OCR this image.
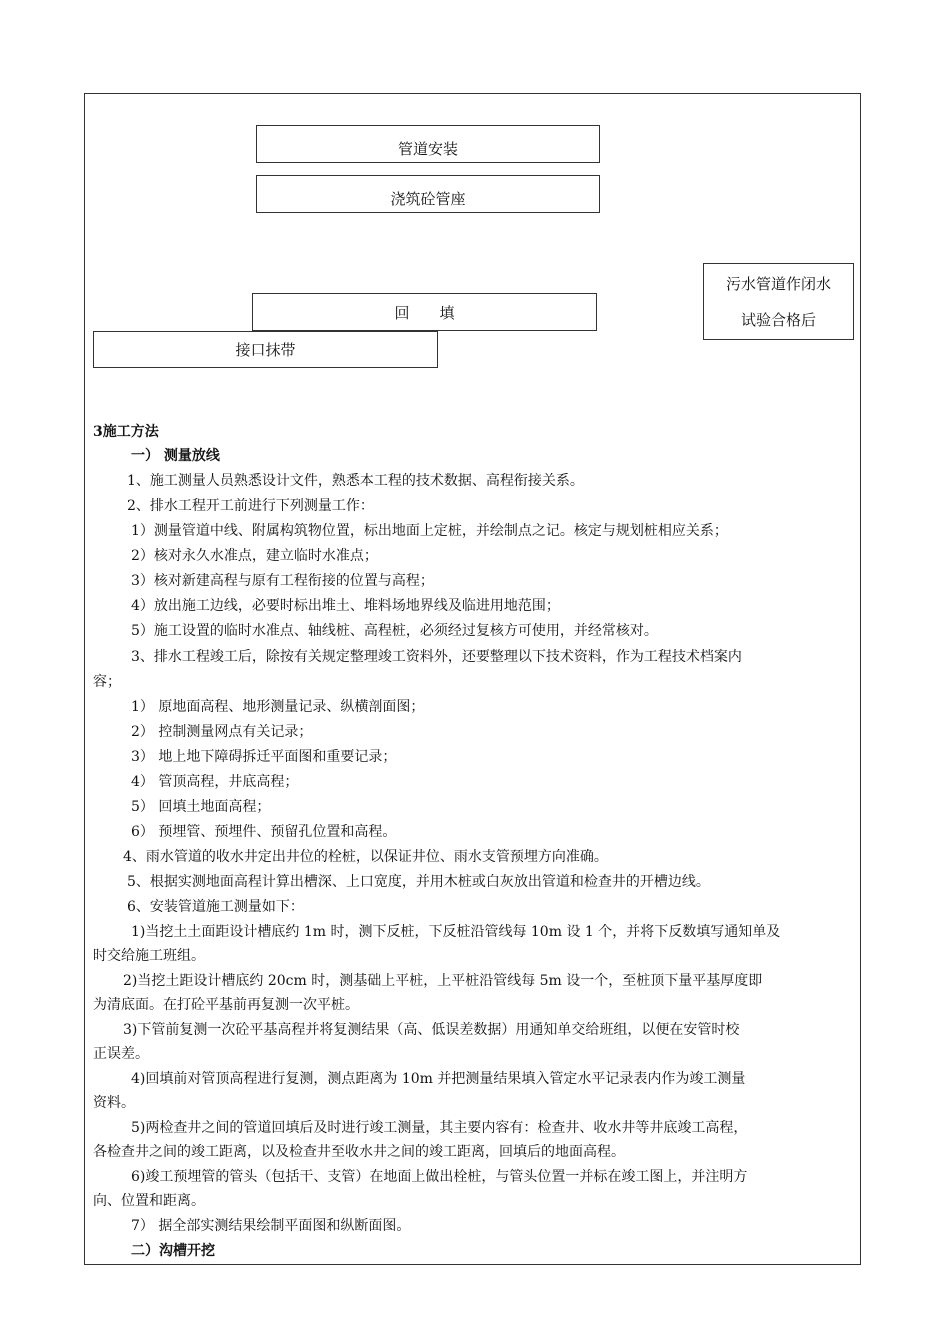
管道安装
浇筑砼管座
回　　填
接口抹带
污水管道作闭水
试验合格后
3施工方法
一） 测量放线
1、施工测量人员熟悉设计文件，熟悉本工程的技术数据、高程衔接关系。
2、排水工程开工前进行下列测量工作：
1）测量管道中线、附属构筑物位置，标出地面上定桩，并绘制点之记。核定与规划桩相应关系；
2）核对永久水准点，建立临时水准点；
3）核对新建高程与原有工程衔接的位置与高程；
4）放出施工边线，必要时标出堆土、堆料场地界线及临进用地范围；
5）施工设置的临时水准点、轴线桩、高程桩，必须经过复核方可使用，并经常核对。
3、排水工程竣工后，除按有关规定整理竣工资料外，还要整理以下技术资料，作为工程技术档案内
容；
1） 原地面高程、地形测量记录、纵横剖面图；
2） 控制测量网点有关记录；
3） 地上地下障碍拆迁平面图和重要记录；
4） 管顶高程，井底高程；
5） 回填土地面高程；
6） 预埋管、预埋件、预留孔位置和高程。
4、雨水管道的收水井定出井位的栓桩，以保证井位、雨水支管预埋方向准确。
5、根据实测地面高程计算出槽深、上口宽度，并用木桩或白灰放出管道和检查井的开槽边线。
6、安装管道施工测量如下：
1)当挖土土面距设计槽底约 1m 时，测下反桩，下反桩沿管线每 10m 设 1 个，并将下反数填写通知单及
时交给施工班组。
2)当挖土距设计槽底约 20cm 时，测基础上平桩，上平桩沿管线每 5m 设一个，至桩顶下量平基厚度即
为清底面。在打砼平基前再复测一次平桩。
3)下管前复测一次砼平基高程并将复测结果（高、低误差数据）用通知单交给班组，以便在安管时校
正误差。
4)回填前对管顶高程进行复测，测点距离为 10m 并把测量结果填入管定水平记录表内作为竣工测量
资料。
5)两检查井之间的管道回填后及时进行竣工测量，其主要内容有：检查井、收水井等井底竣工高程，
各检查井之间的竣工距离，以及检查井至收水井之间的竣工距离，回填后的地面高程。
6)竣工预埋管的管头（包括干、支管）在地面上做出栓桩，与管头位置一并标在竣工图上，并注明方
向、位置和距离。
7） 据全部实测结果绘制平面图和纵断面图。
二）沟槽开挖
